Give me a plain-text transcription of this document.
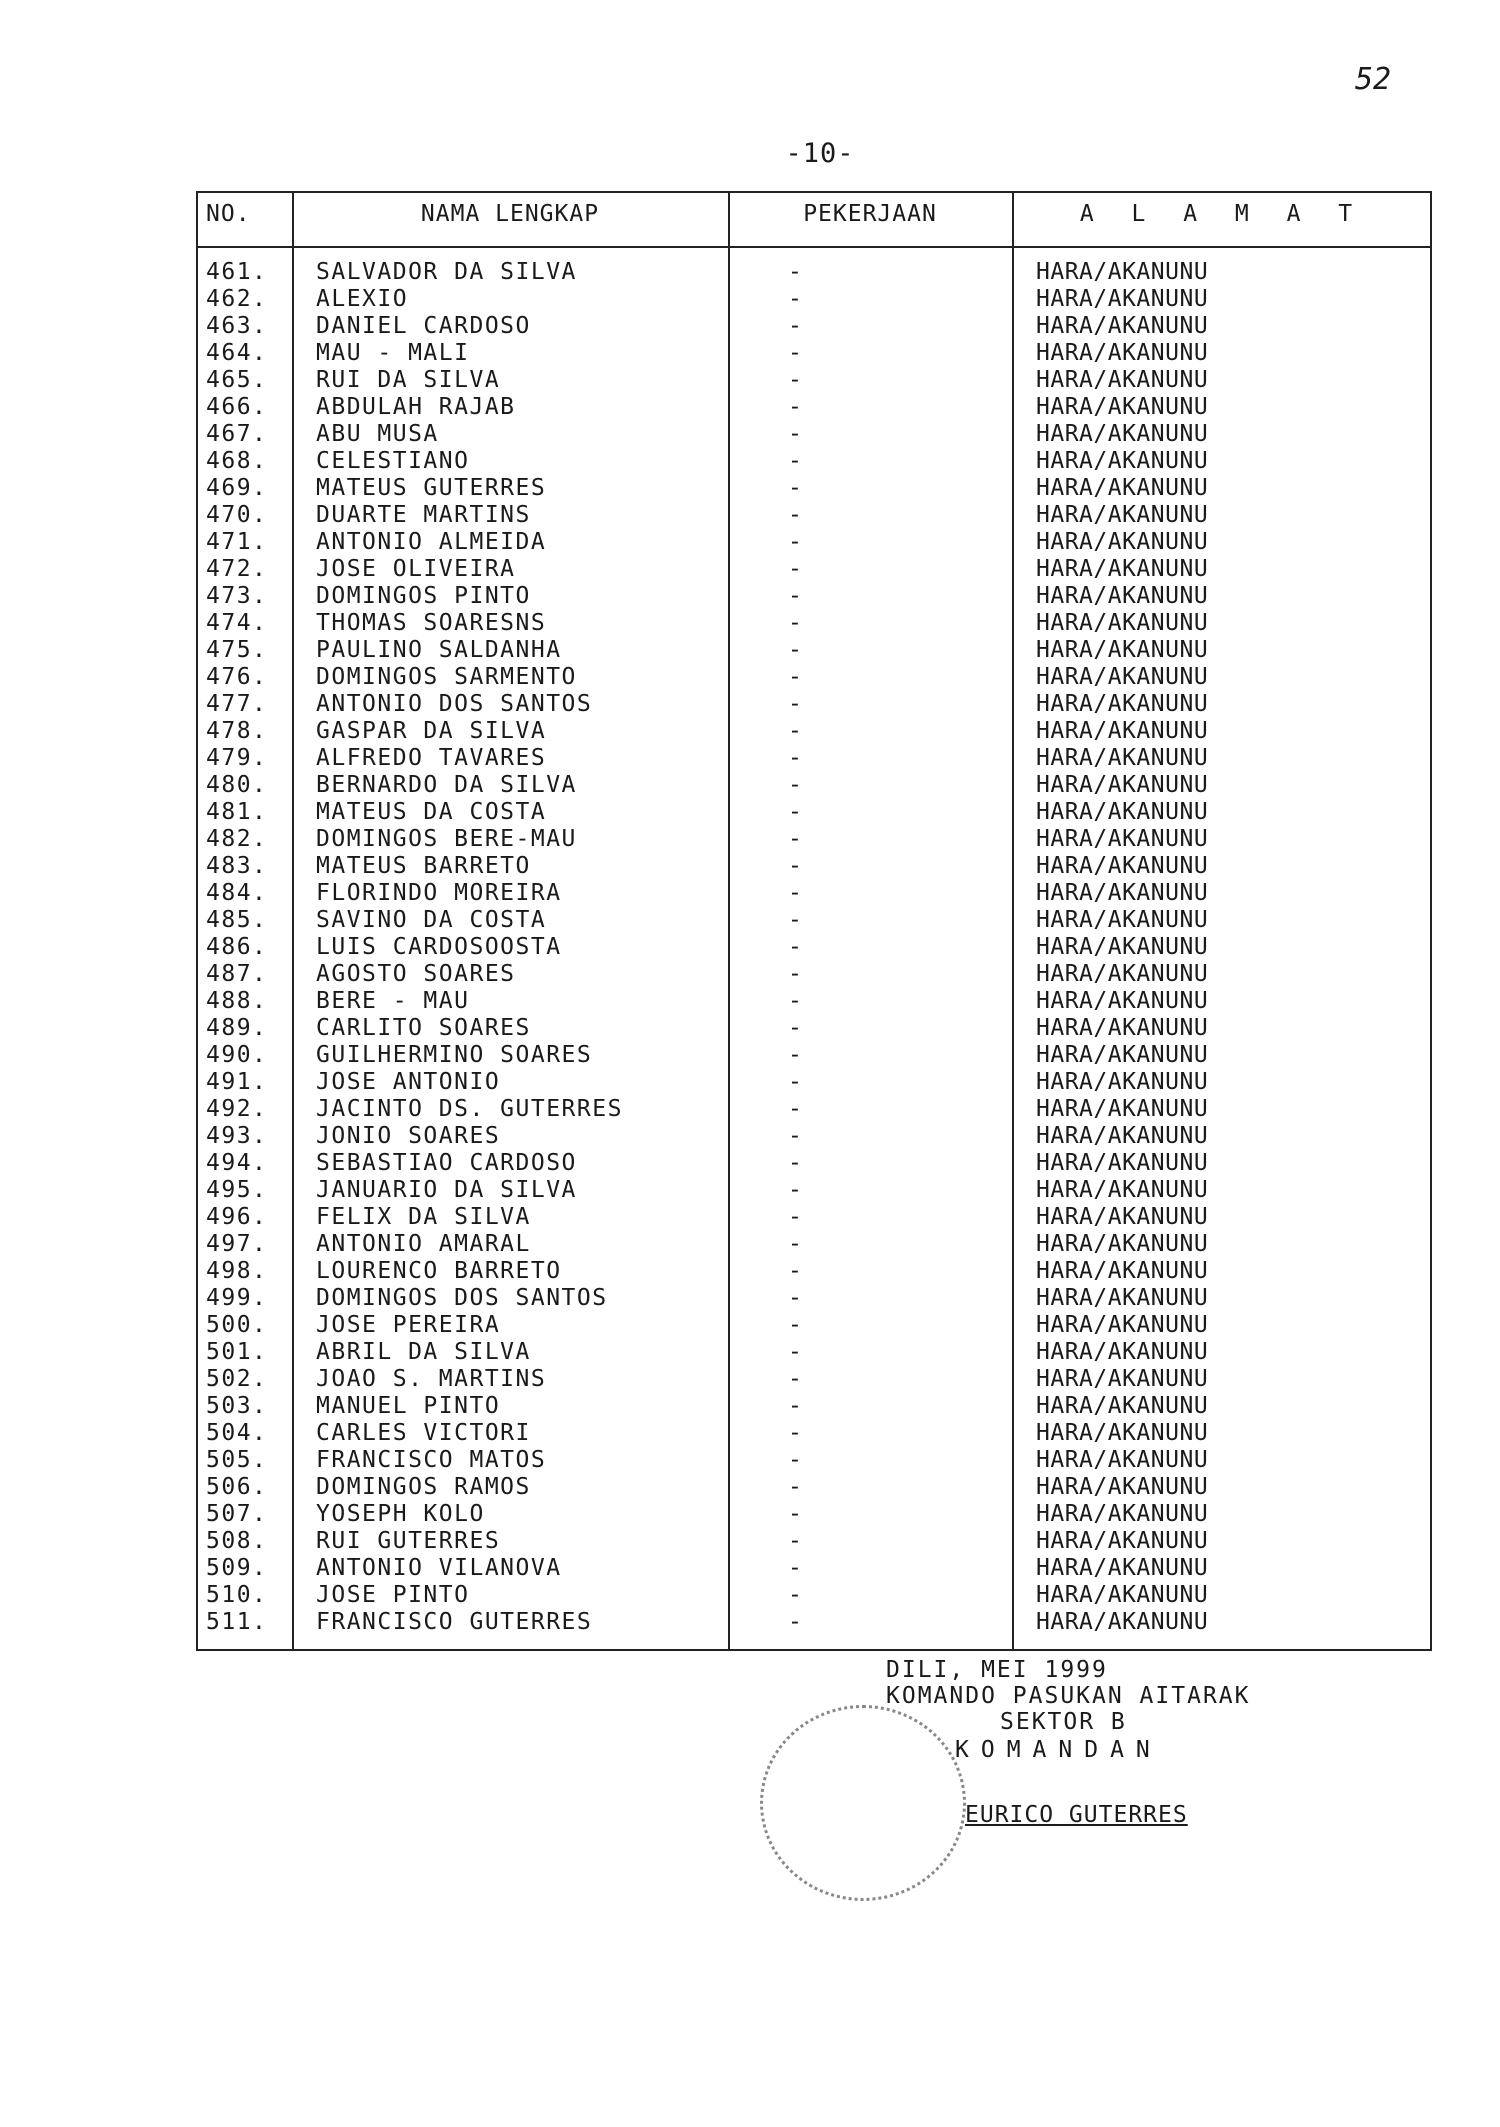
52
-10-
NO.	NAMA LENGKAP	PEKERJAAN	A L A M A T
461. SALVADOR DA SILVA	-	HARA/AKANUNU
462. ALEXIO	-	HARA/AKANUNU
463. DANIEL CARDOSO	-	HARA/AKANUNU
464. MAU - MALI	-	HARA/AKANUNU
465. RUI DA SILVA	-	HARA/AKANUNU
466. ABDULAH RAJAB	-	HARA/AKANUNU
467. ABU MUSA	-	HARA/AKANUNU
468. CELESTIANO	-	HARA/AKANUNU
469. MATEUS GUTERRES	-	HARA/AKANUNU
470. DUARTE MARTINS	-	HARA/AKANUNU
471. ANTONIO ALMEIDA	-	HARA/AKANUNU
472. JOSE OLIVEIRA	-	HARA/AKANUNU
473. DOMINGOS PINTO	-	HARA/AKANUNU
474. THOMAS SOARESNS	-	HARA/AKANUNU
475. PAULINO SALDANHA	-	HARA/AKANUNU
476. DOMINGOS SARMENTO	-	HARA/AKANUNU
477. ANTONIO DOS SANTOS	-	HARA/AKANUNU
478. GASPAR DA SILVA	-	HARA/AKANUNU
479. ALFREDO TAVARES	-	HARA/AKANUNU
480. BERNARDO DA SILVA	-	HARA/AKANUNU
481. MATEUS DA COSTA	-	HARA/AKANUNU
482. DOMINGOS BERE-MAU	-	HARA/AKANUNU
483. MATEUS BARRETO	-	HARA/AKANUNU
484. FLORINDO MOREIRA	-	HARA/AKANUNU
485. SAVINO DA COSTA	-	HARA/AKANUNU
486. LUIS CARDOSOOSTA	-	HARA/AKANUNU
487. AGOSTO SOARES	-	HARA/AKANUNU
488. BERE - MAU	-	HARA/AKANUNU
489. CARLITO SOARES	-	HARA/AKANUNU
490. GUILHERMINO SOARES	-	HARA/AKANUNU
491. JOSE ANTONIO	-	HARA/AKANUNU
492. JACINTO DS. GUTERRES	-	HARA/AKANUNU
493. JONIO SOARES	-	HARA/AKANUNU
494. SEBASTIAO CARDOSO	-	HARA/AKANUNU
495. JANUARIO DA SILVA	-	HARA/AKANUNU
496. FELIX DA SILVA	-	HARA/AKANUNU
497. ANTONIO AMARAL	-	HARA/AKANUNU
498. LOURENCO BARRETO	-	HARA/AKANUNU
499. DOMINGOS DOS SANTOS	-	HARA/AKANUNU
500. JOSE PEREIRA	-	HARA/AKANUNU
501. ABRIL DA SILVA	-	HARA/AKANUNU
502. JOAO S. MARTINS	-	HARA/AKANUNU
503. MANUEL PINTO	-	HARA/AKANUNU
504. CARLES VICTORI	-	HARA/AKANUNU
505. FRANCISCO MATOS	-	HARA/AKANUNU
506. DOMINGOS RAMOS	-	HARA/AKANUNU
507. YOSEPH KOLO	-	HARA/AKANUNU
508. RUI GUTERRES	-	HARA/AKANUNU
509. ANTONIO VILANOVA	-	HARA/AKANUNU
510. JOSE PINTO	-	HARA/AKANUNU
511. FRANCISCO GUTERRES	-	HARA/AKANUNU
DILI, MEI 1999
KOMANDO PASUKAN AITARAK
SEKTOR B
KOMANDAN
EURICO GUTERRES
